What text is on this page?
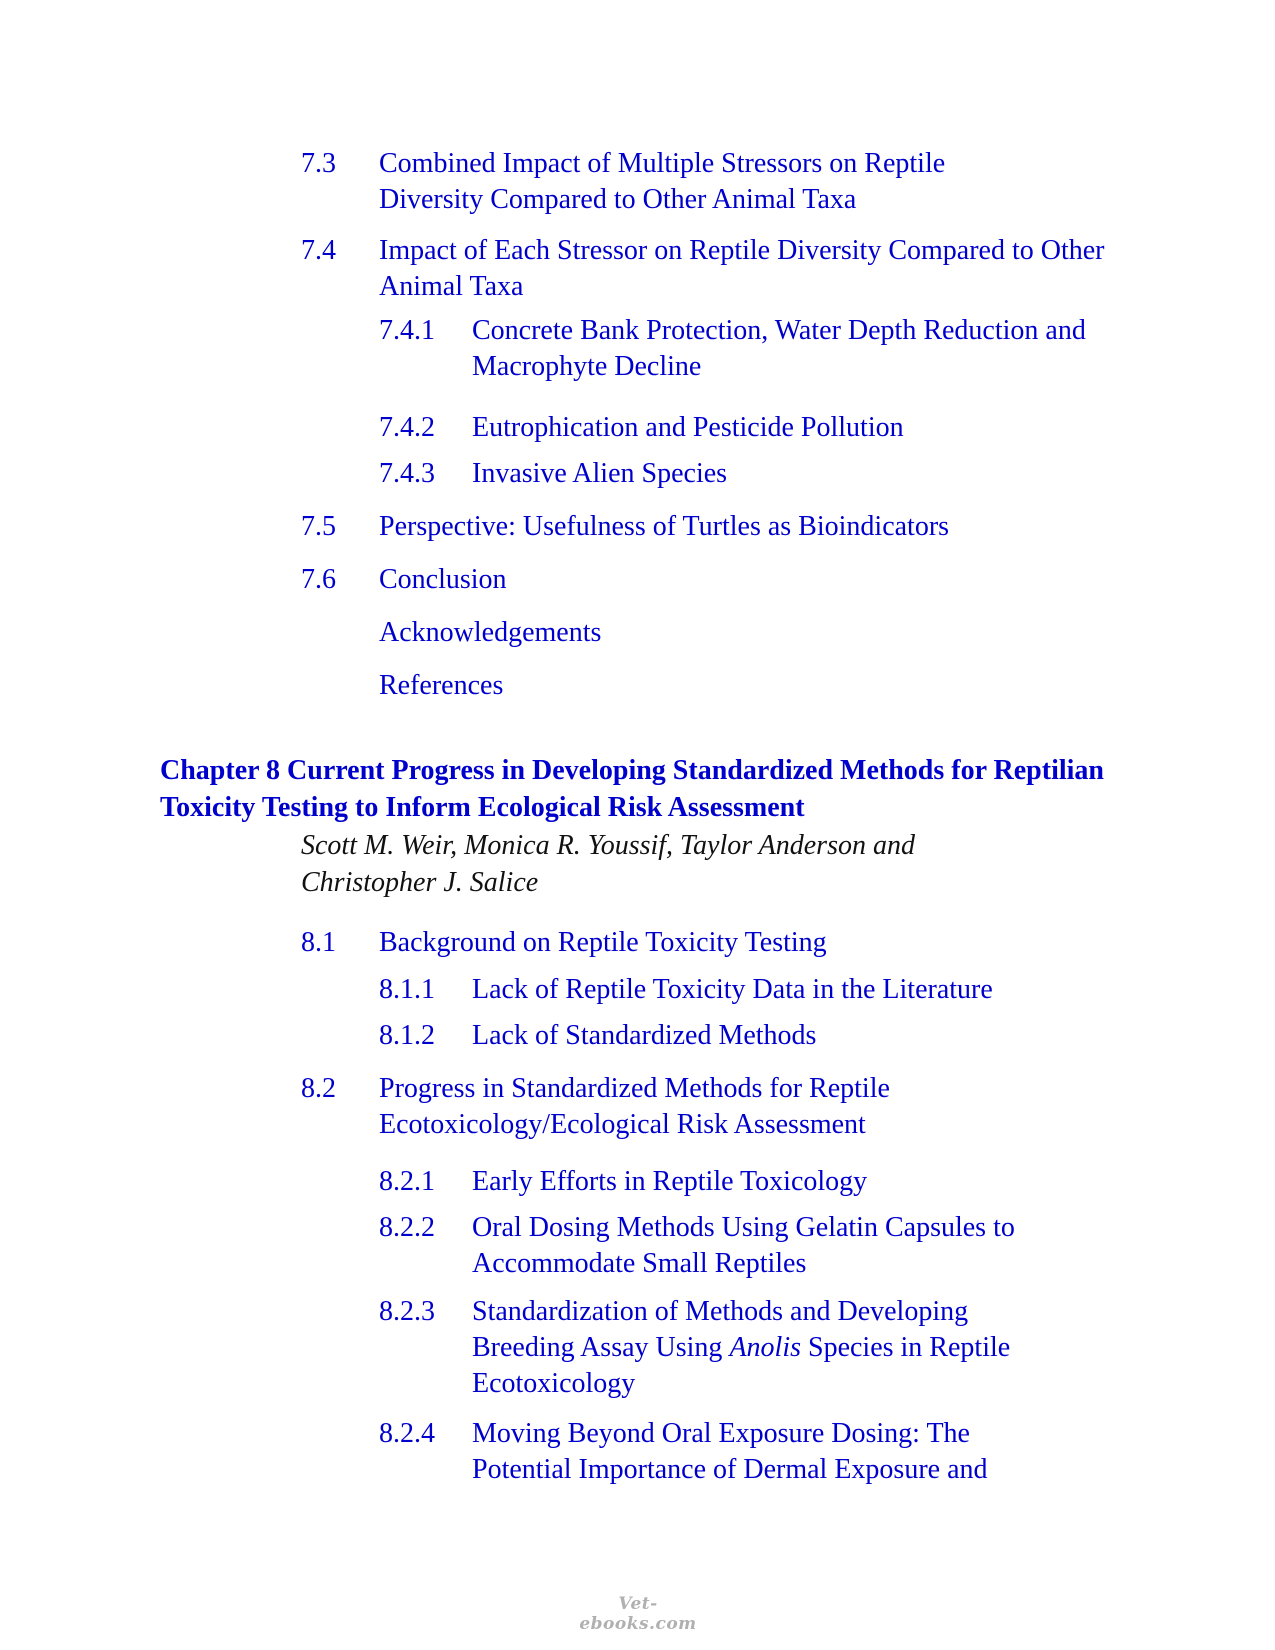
7.3 Combined Impact of Multiple Stressors on Reptile Diversity Compared to Other Animal Taxa
7.4 Impact of Each Stressor on Reptile Diversity Compared to Other Animal Taxa
7.4.1 Concrete Bank Protection, Water Depth Reduction and Macrophyte Decline
7.4.2 Eutrophication and Pesticide Pollution
7.4.3 Invasive Alien Species
7.5 Perspective: Usefulness of Turtles as Bioindicators
7.6 Conclusion
Acknowledgements
References
Chapter 8 Current Progress in Developing Standardized Methods for Reptilian Toxicity Testing to Inform Ecological Risk Assessment
Scott M. Weir, Monica R. Youssif, Taylor Anderson and Christopher J. Salice
8.1 Background on Reptile Toxicity Testing
8.1.1 Lack of Reptile Toxicity Data in the Literature
8.1.2 Lack of Standardized Methods
8.2 Progress in Standardized Methods for Reptile Ecotoxicology/Ecological Risk Assessment
8.2.1 Early Efforts in Reptile Toxicology
8.2.2 Oral Dosing Methods Using Gelatin Capsules to Accommodate Small Reptiles
8.2.3 Standardization of Methods and Developing Breeding Assay Using Anolis Species in Reptile Ecotoxicology
8.2.4 Moving Beyond Oral Exposure Dosing: The Potential Importance of Dermal Exposure and
Vet-ebooks.com
